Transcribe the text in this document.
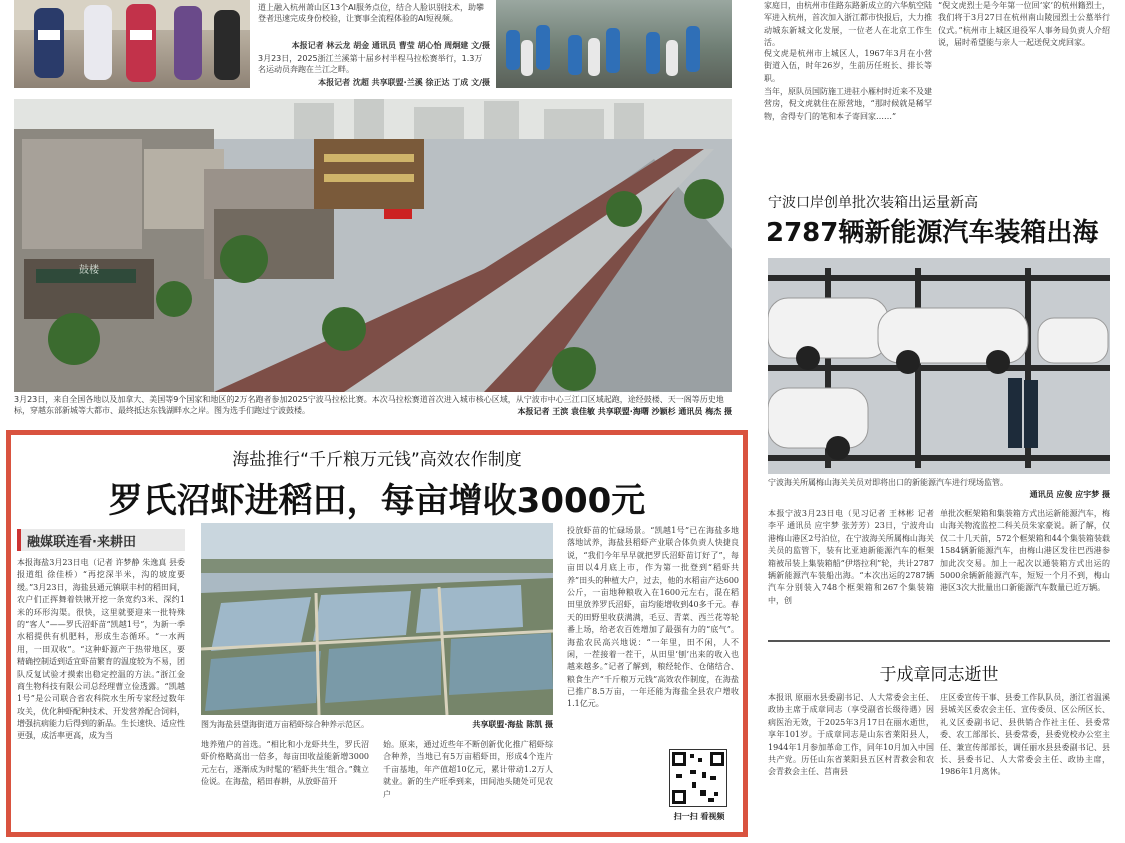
道上融入杭州萧山区13个AI服务点位，结合人脸识别技术，助攀登者迅速完成身份校验，让赛事全流程体验的AI短视频。
本报记者 林云龙 胡金 通讯员 曹莹 胡心怡 周炯建 文/摄
3月23日，2025浙江兰溪第十届乡村半程马拉松赛举行，1.3万名运动员奔跑在兰江之畔。
本报记者 沈超 共享联盟·兰溪 徐正达 丁成 文/摄
家庭日，由杭州市佳路东路新成立的六华航空陆军进入杭州，首次加入浙江都市快报后，大力推动城东新城文化发展，一位老人在北京工作生活。
倪文虎是杭州市上城区人，1967年3月在小营街道入伍，时年26岁，生前历任班长、排长等职。
当年，原队员国防施工进驻小雁村时近来不及建营房，倪文虎就住在原营地，“那时候就是稀罕物，舍得专门的笔和本子寄回家……”
“倪文虎烈士是今年第一位回‘家’的杭州籍烈士，我们将于3月27日在杭州南山陵园烈士公墓举行仪式。”杭州市上城区退役军人事务局负责人介绍说，届时希望能与亲人一起送倪文虎回家。
鼓楼
3月23日，来自全国各地以及加拿大、美国等9个国家和地区的2万名跑者参加2025宁波马拉松比赛。本次马拉松赛道首次进入城市核心区域，从宁波市中心三江口区域起跑，途经鼓楼、天一阁等历史地标，穿越东部新城等大都市、最终抵达东钱湖畔水之岸。图为选手们跑过宁波鼓楼。	本报记者 王滨 袁佳敏 共享联盟·海曙 沙颖杉 通讯员 梅杰 摄
宁波口岸创单批次装箱出运量新高
2787辆新能源汽车装箱出海
宁波海关所属梅山海关关员对即将出口的新能源汽车进行现场监管。
通讯员 应俊 应宇梦 摄
本报宁波3月23日电（见习记者 王林彬 记者 李平 通讯员 应宇梦 张芳芳）23日，宁波舟山港梅山港区2号泊位，在宁波海关所属梅山海关关员的监管下，装有比亚迪新能源汽车的框架箱被吊装上集装箱船“伊塔拉利”轮，共计2787辆新能源汽车装船出海。“本次出运的2787辆汽车分别装入748个框架箱和267个集装箱中，创
单批次框架箱和集装箱方式出运新能源汽车，梅山海关物流监控二科关员朱家豪说。新了解，仅仅二十几天前，572个框架箱和44个集装箱装载1584辆新能源汽车，由梅山港区发往巴西港参加此次交易。加上一起次以通装箱方式出运的5000余辆新能源汽车，短短一个月不到，梅山港区3次大批量出口新能源汽车数量已近万辆。
于成章同志逝世
本报讯 原丽水县委副书记、人大常委会主任、政协主席于成章同志（享受副省长级待遇）因病医治无效，于2025年3月17日在丽水逝世，享年101岁。于成章同志是山东省莱阳县人，1944年1月参加革命工作，同年10月加入中国共产党。历任山东省莱阳县五区村青救会和农会青救会主任、莒南县
庄区委宣传干事、县委工作队队员，浙江省温溪县城关区委农会主任、宣传委员、区公所区长、礼义区委副书记、县供销合作社主任、县委常委、农工部部长、县委常委，县委党校办公室主任、兼宣传部部长，调任丽水县县委副书记、县长、县委书记、人大常委会主任、政协主席，1986年1月离休。
海盐推行“千斤粮万元钱”高效农作制度
罗氏沼虾进稻田，每亩增收3000元
融媒联连看·来耕田
本报海盐3月23日电（记者 许梦静 朱逸真 县委报道组 徐佳桥）“再挖深半米，沟的坡度要缓。”3月23日，海盐县通元镇联丰村的稻田间，农户们正挥舞着铁锹开挖一条宽约3米、深约1米的环形沟渠。很快，这里就要迎来一批特殊的“客人”——罗氏沼虾苗“凯越1号”，为新一季水稻提供有机肥料，形成生态循环。“一水两用，一田双收”。“这种虾源产于热带地区，要精确控制适到适宜虾苗繁育的温度较为不易，团队反复试验才摸索出稳定控温的方法。”浙江金商生物科技有限公司总经理曹立俭透露。“凯越1号”是公司联合省农科院水生所专家经过数年攻关，优化种虾配种技术、开发营养配合饲料，增强抗病能力后得到的新品。生长速快、适应性更强，成活率更高，成为当
图为海盐县望海街道万亩稻虾综合种养示范区。	共享联盟·海盐 陈凯 摄
地养殖户的首选。“相比和小龙虾共生，罗氏沼虾价格略高出一倍多，每亩田收益能新增3000元左右，逐渐成为时髦的‘稻虾共生’组合。”魏立俭说。在海盐，稻田春耕，从放虾苗开
始。原来，通过近些年不断创新优化推广稻虾综合种养，当地已有5万亩稻虾田，形成4个连片千亩基地，年产值超10亿元，累计带动1.2万人就业。新的生产旺季到来，田间池头随处可见农户
投放虾苗的忙碌场景。“凯越1号”已在海盐多地落地试养，海盐县稻虾产业联合体负责人快捷良说，“我们今年早早就把罗氏沼虾苗订好了”，每亩田以4月底上市，作为第一批登到“稻虾共养”田头的种植大户，过去，他的水稻亩产达600公斤，一亩地种粮收入在1600元左右，混在稻田里放养罗氏沼虾，亩均能增收到40多千元。春天的田野里收获满满，毛豆、青菜、西兰花等轮番上场，给老农百姓增加了最强有力的“底气”。海盐农民高兴地说：“一年里，田不闲，人不闲，一茬接着一茬干，从田里‘刨’出来的收入也越来越多。”记者了解到，粮经轮作、仓储结合、粮食生产“千斤粮万元钱”高效农作制度，在海盐已推广8.5万亩，一年还能为海盐全县农户增收1.1亿元。
扫一扫 看视频
